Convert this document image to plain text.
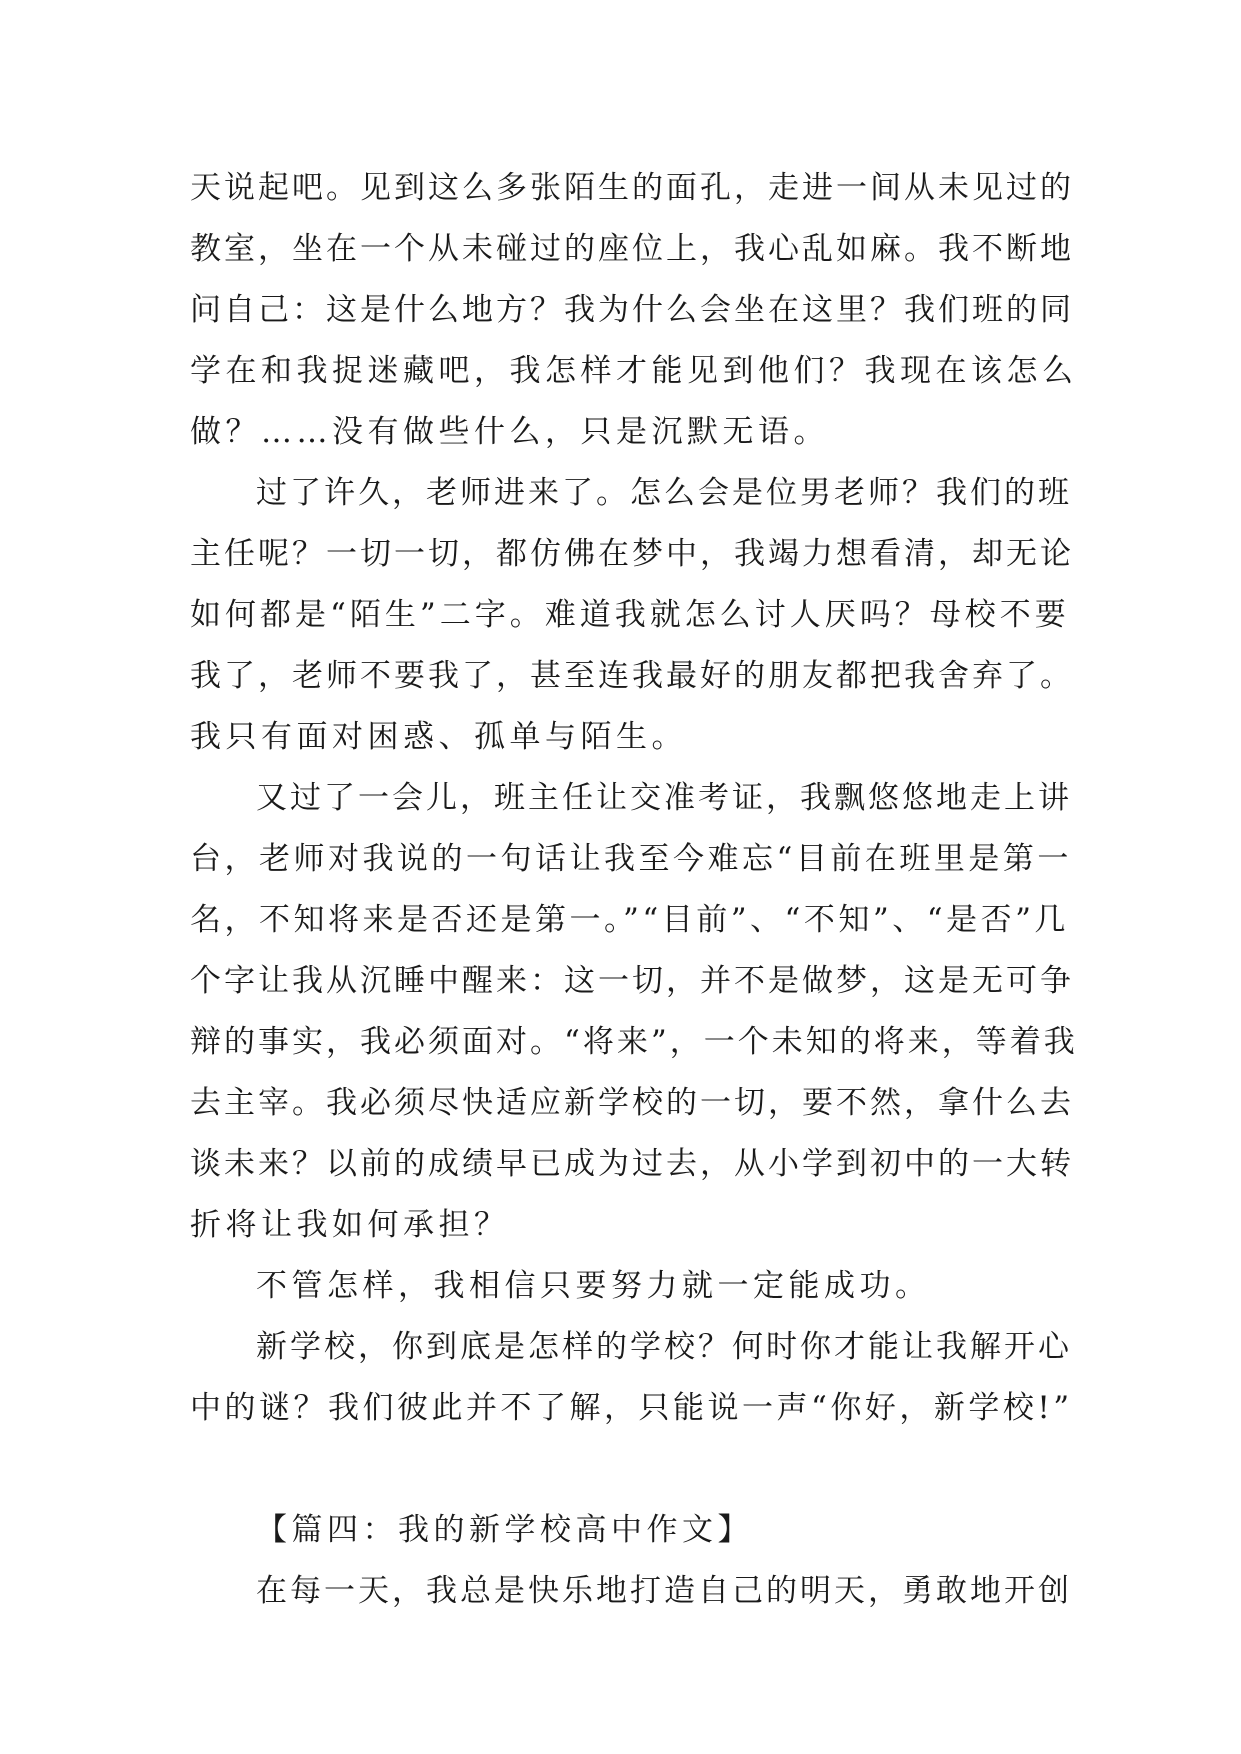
天说起吧。见到这么多张陌生的面孔，走进一间从未见过的
教室，坐在一个从未碰过的座位上，我心乱如麻。我不断地
问自己：这是什么地方？我为什么会坐在这里？我们班的同
学在和我捉迷藏吧，我怎样才能见到他们？我现在该怎么
做？……没有做些什么，只是沉默无语。
过了许久，老师进来了。怎么会是位男老师？我们的班
主任呢？一切一切，都仿佛在梦中，我竭力想看清，却无论
如何都是“陌生”二字。难道我就怎么讨人厌吗？母校不要
我了，老师不要我了，甚至连我最好的朋友都把我舍弃了。
我只有面对困惑、孤单与陌生。
又过了一会儿，班主任让交准考证，我飘悠悠地走上讲
台，老师对我说的一句话让我至今难忘“目前在班里是第一
名，不知将来是否还是第一。”“目前”、“不知”、“是否”几
个字让我从沉睡中醒来：这一切，并不是做梦，这是无可争
辩的事实，我必须面对。“将来”，一个未知的将来，等着我
去主宰。我必须尽快适应新学校的一切，要不然，拿什么去
谈未来？以前的成绩早已成为过去，从小学到初中的一大转
折将让我如何承担？
不管怎样，我相信只要努力就一定能成功。
新学校，你到底是怎样的学校？何时你才能让我解开心
中的谜？我们彼此并不了解，只能说一声“你好，新学校!”
【篇四：我的新学校高中作文】
在每一天，我总是快乐地打造自己的明天，勇敢地开创
